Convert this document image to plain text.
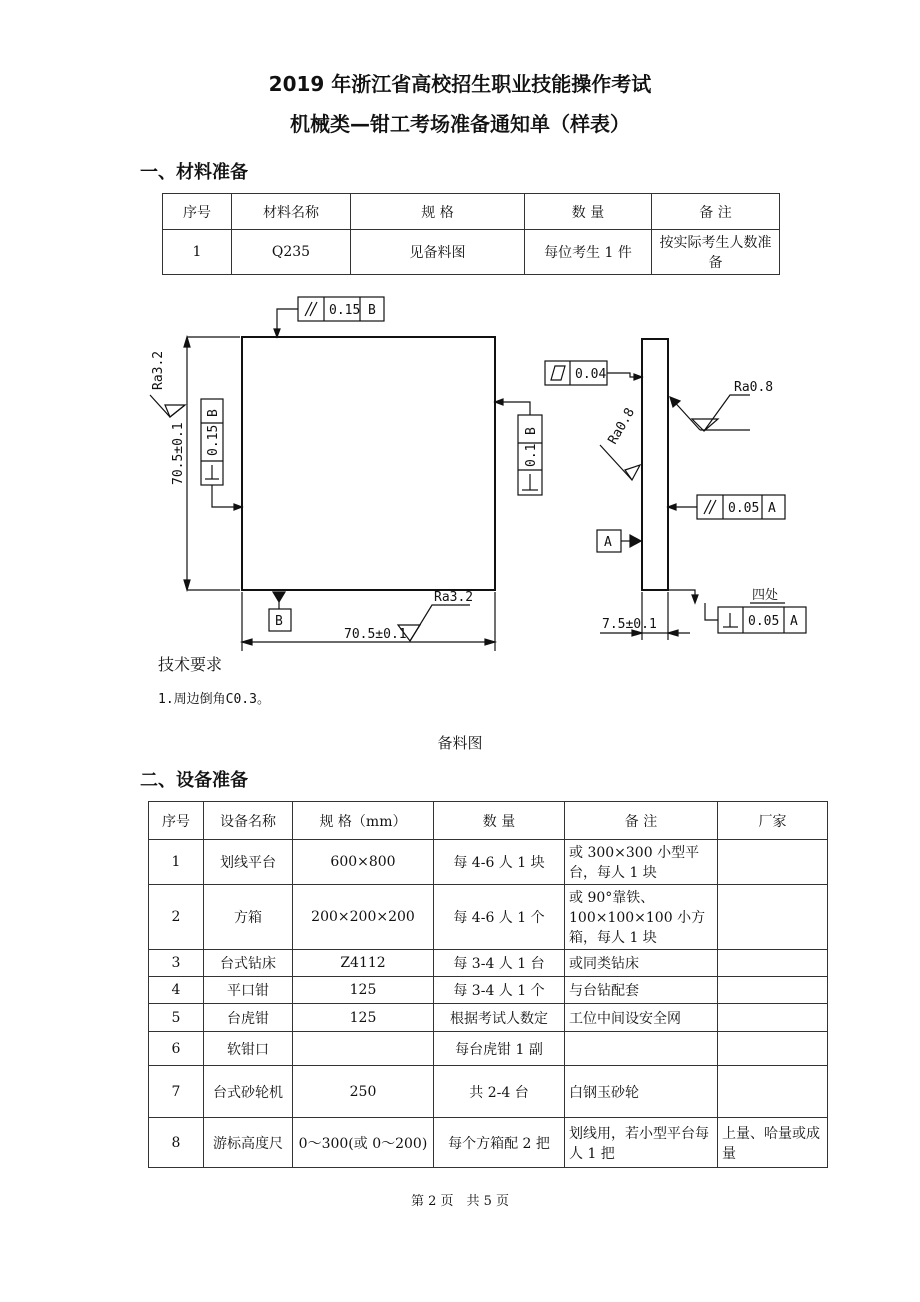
2019 年浙江省高校招生职业技能操作考试
机械类—钳工考场准备通知单（样表）
一、材料准备
序号	材料名称	规 格	数 量	备 注
1	Q235	见备料图	每位考生 1 件	按实际考生人数准备
0.15 B
70.5±0.1
Ra3.2
B
0.15	B
0.1
B
70.5±0.1
Ra3.2
0.04
Ra0.8
Ra0.8
0.05 A
A
7.5±0.1
四处
0.05 A
技术要求
1.周边倒角C0.3。
备料图
二、设备准备
序号	设备名称	规 格（mm）	数 量	备 注	厂家
1	划线平台	600×800	每 4-6 人 1 块	或 300×300 小型平台，每人 1 块	
2	方箱	200×200×200	每 4-6 人 1 个	或 90°靠铁、100×100×100 小方箱，每人 1 块	
3	台式钻床	Z4112	每 3-4 人 1 台	或同类钻床	
4	平口钳	125	每 3-4 人 1 个	与台钻配套	
5	台虎钳	125	根据考试人数定	工位中间设安全网	
6	软钳口		每台虎钳 1 副		
7	台式砂轮机	250	共 2-4 台	白钢玉砂轮	
8	游标高度尺	0～300(或 0～200)	每个方箱配 2 把	划线用，若小型平台每人 1 把	上量、哈量或成量
第 2 页　共 5 页
